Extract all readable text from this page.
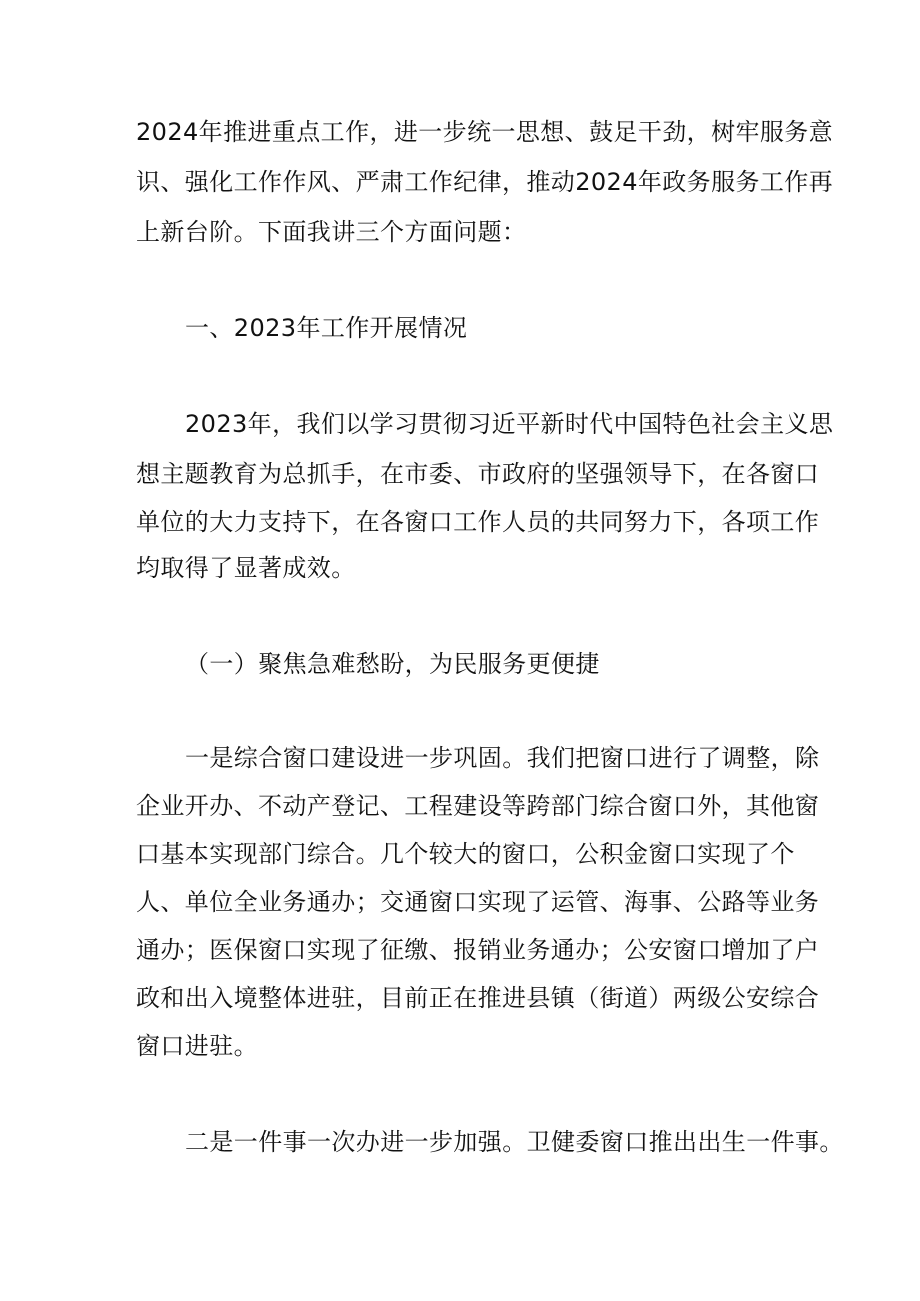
2024年推进重点工作，进一步统一思想、鼓足干劲，树牢服务意
识、强化工作作风、严肃工作纪律，推动2024年政务服务工作再
上新台阶。下面我讲三个方面问题：
一、2023年工作开展情况
2023年，我们以学习贯彻习近平新时代中国特色社会主义思
想主题教育为总抓手，在市委、市政府的坚强领导下，在各窗口
单位的大力支持下，在各窗口工作人员的共同努力下，各项工作
均取得了显著成效。
（一）聚焦急难愁盼，为民服务更便捷
一是综合窗口建设进一步巩固。我们把窗口进行了调整，除
企业开办、不动产登记、工程建设等跨部门综合窗口外，其他窗
口基本实现部门综合。几个较大的窗口，公积金窗口实现了个
人、单位全业务通办；交通窗口实现了运管、海事、公路等业务
通办；医保窗口实现了征缴、报销业务通办；公安窗口增加了户
政和出入境整体进驻，目前正在推进县镇（街道）两级公安综合
窗口进驻。
二是一件事一次办进一步加强。卫健委窗口推出出生一件事。
